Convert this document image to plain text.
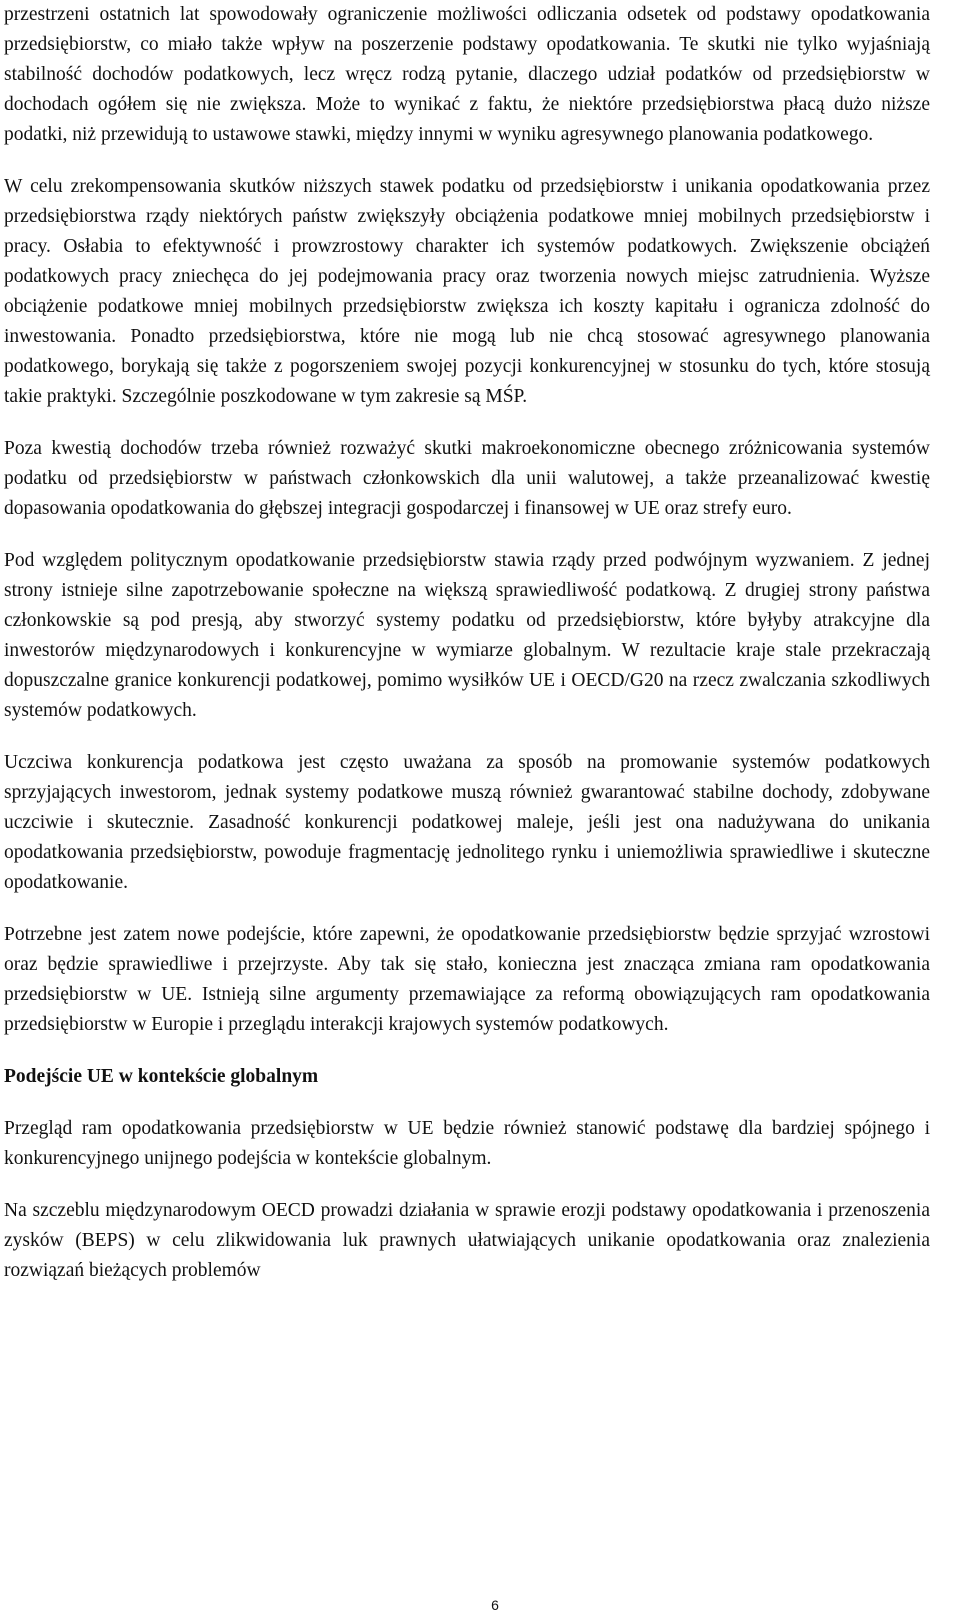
przestrzeni ostatnich lat spowodowały ograniczenie możliwości odliczania odsetek od podstawy opodatkowania przedsiębiorstw, co miało także wpływ na poszerzenie podstawy opodatkowania. Te skutki nie tylko wyjaśniają stabilność dochodów podatkowych, lecz wręcz rodzą pytanie, dlaczego udział podatków od przedsiębiorstw w dochodach ogółem się nie zwiększa. Może to wynikać z faktu, że niektóre przedsiębiorstwa płacą dużo niższe podatki, niż przewidują to ustawowe stawki, między innymi w wyniku agresywnego planowania podatkowego.

W celu zrekompensowania skutków niższych stawek podatku od przedsiębiorstw i unikania opodatkowania przez przedsiębiorstwa rządy niektórych państw zwiększyły obciążenia podatkowe mniej mobilnych przedsiębiorstw i pracy. Osłabia to efektywność i prowzrostowy charakter ich systemów podatkowych. Zwiększenie obciążeń podatkowych pracy zniechęca do jej podejmowania pracy oraz tworzenia nowych miejsc zatrudnienia. Wyższe obciążenie podatkowe mniej mobilnych przedsiębiorstw zwiększa ich koszty kapitału i ogranicza zdolność do inwestowania. Ponadto przedsiębiorstwa, które nie mogą lub nie chcą stosować agresywnego planowania podatkowego, borykają się także z pogorszeniem swojej pozycji konkurencyjnej w stosunku do tych, które stosują takie praktyki. Szczególnie poszkodowane w tym zakresie są MŚP.

Poza kwestią dochodów trzeba również rozważyć skutki makroekonomiczne obecnego zróżnicowania systemów podatku od przedsiębiorstw w państwach członkowskich dla unii walutowej, a także przeanalizować kwestię dopasowania opodatkowania do głębszej integracji gospodarczej i finansowej w UE oraz strefy euro.

Pod względem politycznym opodatkowanie przedsiębiorstw stawia rządy przed podwójnym wyzwaniem. Z jednej strony istnieje silne zapotrzebowanie społeczne na większą sprawiedliwość podatkową. Z drugiej strony państwa członkowskie są pod presją, aby stworzyć systemy podatku od przedsiębiorstw, które byłyby atrakcyjne dla inwestorów międzynarodowych i konkurencyjne w wymiarze globalnym. W rezultacie kraje stale przekraczają dopuszczalne granice konkurencji podatkowej, pomimo wysiłków UE i OECD/G20 na rzecz zwalczania szkodliwych systemów podatkowych.

Uczciwa konkurencja podatkowa jest często uważana za sposób na promowanie systemów podatkowych sprzyjających inwestorom, jednak systemy podatkowe muszą również gwarantować stabilne dochody, zdobywane uczciwie i skutecznie. Zasadność konkurencji podatkowej maleje, jeśli jest ona nadużywana do unikania opodatkowania przedsiębiorstw, powoduje fragmentację jednolitego rynku i uniemożliwia sprawiedliwe i skuteczne opodatkowanie.

Potrzebne jest zatem nowe podejście, które zapewni, że opodatkowanie przedsiębiorstw będzie sprzyjać wzrostowi oraz będzie sprawiedliwe i przejrzyste. Aby tak się stało, konieczna jest znacząca zmiana ram opodatkowania przedsiębiorstw w UE. Istnieją silne argumenty przemawiające za reformą obowiązujących ram opodatkowania przedsiębiorstw w Europie i przeglądu interakcji krajowych systemów podatkowych.

Podejście UE w kontekście globalnym

Przegląd ram opodatkowania przedsiębiorstw w UE będzie również stanowić podstawę dla bardziej spójnego i konkurencyjnego unijnego podejścia w kontekście globalnym.

Na szczeblu międzynarodowym OECD prowadzi działania w sprawie erozji podstawy opodatkowania i przenoszenia zysków (BEPS) w celu zlikwidowania luk prawnych ułatwiających unikanie opodatkowania oraz znalezienia rozwiązań bieżących problemów

6
